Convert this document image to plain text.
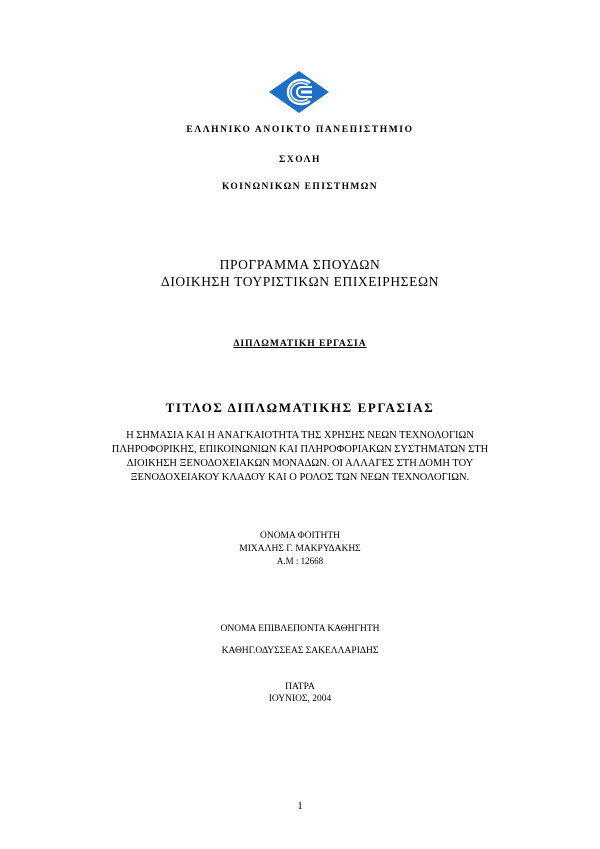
ΕΛΛΗΝΙΚΟ ΑΝΟΙΚΤΟ ΠΑΝΕΠΙΣΤΗΜΙΟ
ΣΧΟΛΗ
ΚΟΙΝΩΝΙΚΩΝ ΕΠΙΣΤΗΜΩΝ
ΠΡΟΓΡΑΜΜΑ ΣΠΟΥΔΩΝ
ΔΙΟΙΚΗΣΗ ΤΟΥΡΙΣΤΙΚΩΝ ΕΠΙΧΕΙΡΗΣΕΩΝ
ΔΙΠΛΩΜΑΤΙΚΗ ΕΡΓΑΣΙΑ
ΤΙΤΛΟΣ ΔΙΠΛΩΜΑΤΙΚΗΣ ΕΡΓΑΣΙΑΣ
Η ΣΗΜΑΣΙΑ ΚΑΙ Η ΑΝΑΓΚΑΙΟΤΗΤΑ ΤΗΣ ΧΡΗΣΗΣ ΝΕΩΝ ΤΕΧΝΟΛΟΓΙΩΝ
ΠΛΗΡΟΦΟΡΙΚΗΣ, ΕΠΙΚΟΙΝΩΝΙΩΝ ΚΑΙ ΠΛΗΡΟΦΟΡΙΑΚΩΝ ΣΥΣΤΗΜΑΤΩΝ ΣΤΗ
ΔΙΟΙΚΗΣΗ ΞΕΝΟΔΟΧΕΙΑΚΩΝ ΜΟΝΑΔΩΝ. ΟΙ ΑΛΛΑΓΕΣ ΣΤΗ ΔΟΜΗ ΤΟΥ
ΞΕΝΟΔΟΧΕΙΑΚΟΥ ΚΛΑΔΟΥ ΚΑΙ Ο ΡΟΛΟΣ ΤΩΝ ΝΕΩΝ ΤΕΧΝΟΛΟΓΙΩΝ.
ΟΝΟΜΑ ΦΟΙΤΗΤΗ
ΜΙΧΑΛΗΣ Γ. ΜΑΚΡΥΔΑΚΗΣ
Α.Μ : 12668
ΟΝΟΜΑ ΕΠΙΒΛΕΠΟΝΤΑ ΚΑΘΗΓΗΤΗ
ΚΑΘΗΓ.ΟΔΥΣΣΕΑΣ ΣΑΚΕΛΛΑΡΙΔΗΣ
ΠΑΤΡΑ
ΙΟΥΝΙΟΣ, 2004
1
